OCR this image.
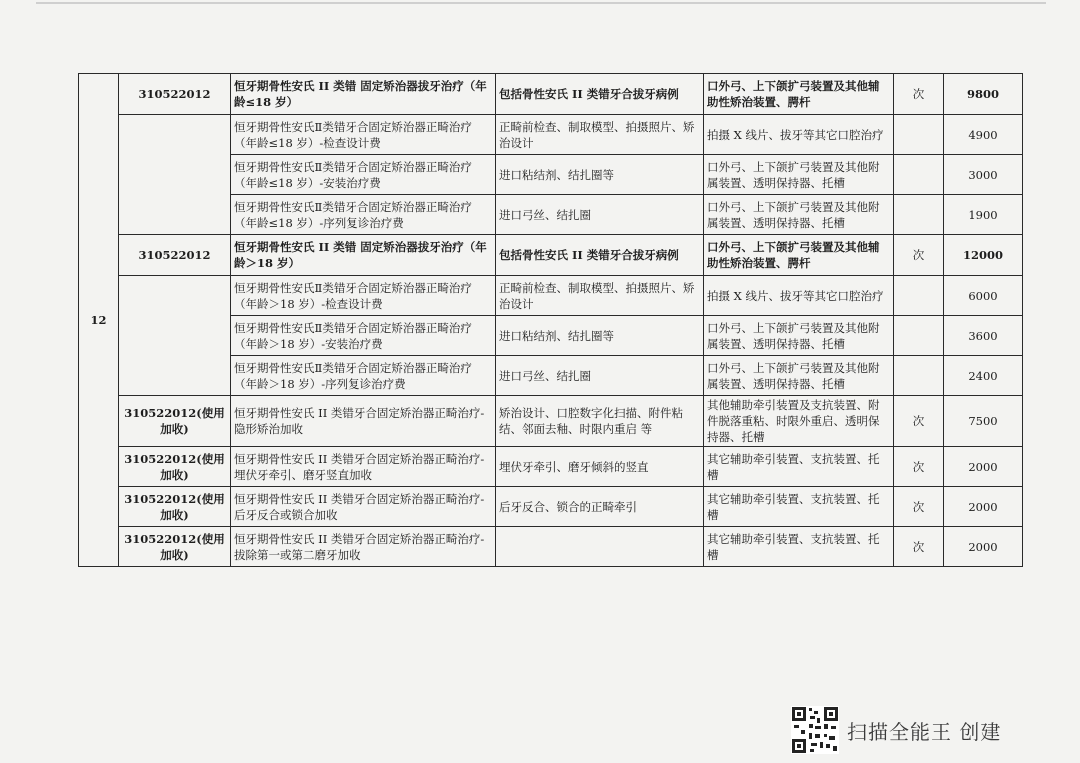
12	310522012	恒牙期骨性安氏 II 类错 固定矫治器拔牙治疗（年龄≤18 岁）	包括骨性安氏 II 类错牙合拔牙病例	口外弓、上下颌扩弓装置及其他辅助性矫治装置、腭杆	次	9800
		恒牙期骨性安氏Ⅱ类错牙合固定矫治器正畸治疗（年龄≤18 岁）-检查设计费	正畸前检查、制取模型、拍摄照片、矫治设计	拍摄 X 线片、拔牙等其它口腔治疗		4900
		恒牙期骨性安氏Ⅱ类错牙合固定矫治器正畸治疗（年龄≤18 岁）-安装治疗费	进口粘结剂、结扎圈等	口外弓、上下颌扩弓装置及其他附属装置、透明保持器、托槽		3000
		恒牙期骨性安氏Ⅱ类错牙合固定矫治器正畸治疗（年龄≤18 岁）-序列复诊治疗费	进口弓丝、结扎圈	口外弓、上下颌扩弓装置及其他附属装置、透明保持器、托槽		1900
	310522012	恒牙期骨性安氏 II 类错 固定矫治器拔牙治疗（年龄＞18 岁）	包括骨性安氏 II 类错牙合拔牙病例	口外弓、上下颌扩弓装置及其他辅助性矫治装置、腭杆	次	12000
		恒牙期骨性安氏Ⅱ类错牙合固定矫治器正畸治疗（年龄＞18 岁）-检查设计费	正畸前检查、制取模型、拍摄照片、矫治设计	拍摄 X 线片、拔牙等其它口腔治疗		6000
		恒牙期骨性安氏Ⅱ类错牙合固定矫治器正畸治疗（年龄＞18 岁）-安装治疗费	进口粘结剂、结扎圈等	口外弓、上下颌扩弓装置及其他附属装置、透明保持器、托槽		3600
		恒牙期骨性安氏Ⅱ类错牙合固定矫治器正畸治疗（年龄＞18 岁）-序列复诊治疗费	进口弓丝、结扎圈	口外弓、上下颌扩弓装置及其他附属装置、透明保持器、托槽		2400
	310522012(使用加收)	恒牙期骨性安氏 II 类错牙合固定矫治器正畸治疗- 隐形矫治加收	矫治设计、口腔数字化扫描、附件粘结、邻面去釉、时限内重启 等	其他辅助牵引装置及支抗装置、附件脱落重粘、时限外重启、透明保持器、托槽	次	7500
	310522012(使用加收)	恒牙期骨性安氏 II 类错牙合固定矫治器正畸治疗- 埋伏牙牵引、磨牙竖直加收	埋伏牙牵引、磨牙倾斜的竖直	其它辅助牵引装置、支抗装置、托槽	次	2000
	310522012(使用加收)	恒牙期骨性安氏 II 类错牙合固定矫治器正畸治疗-后牙反合或锁合加收	后牙反合、锁合的正畸牵引	其它辅助牵引装置、支抗装置、托槽	次	2000
	310522012(使用加收)	恒牙期骨性安氏 II 类错牙合固定矫治器正畸治疗-拔除第一或第二磨牙加收		其它辅助牵引装置、支抗装置、托槽	次	2000
扫描全能王 创建
